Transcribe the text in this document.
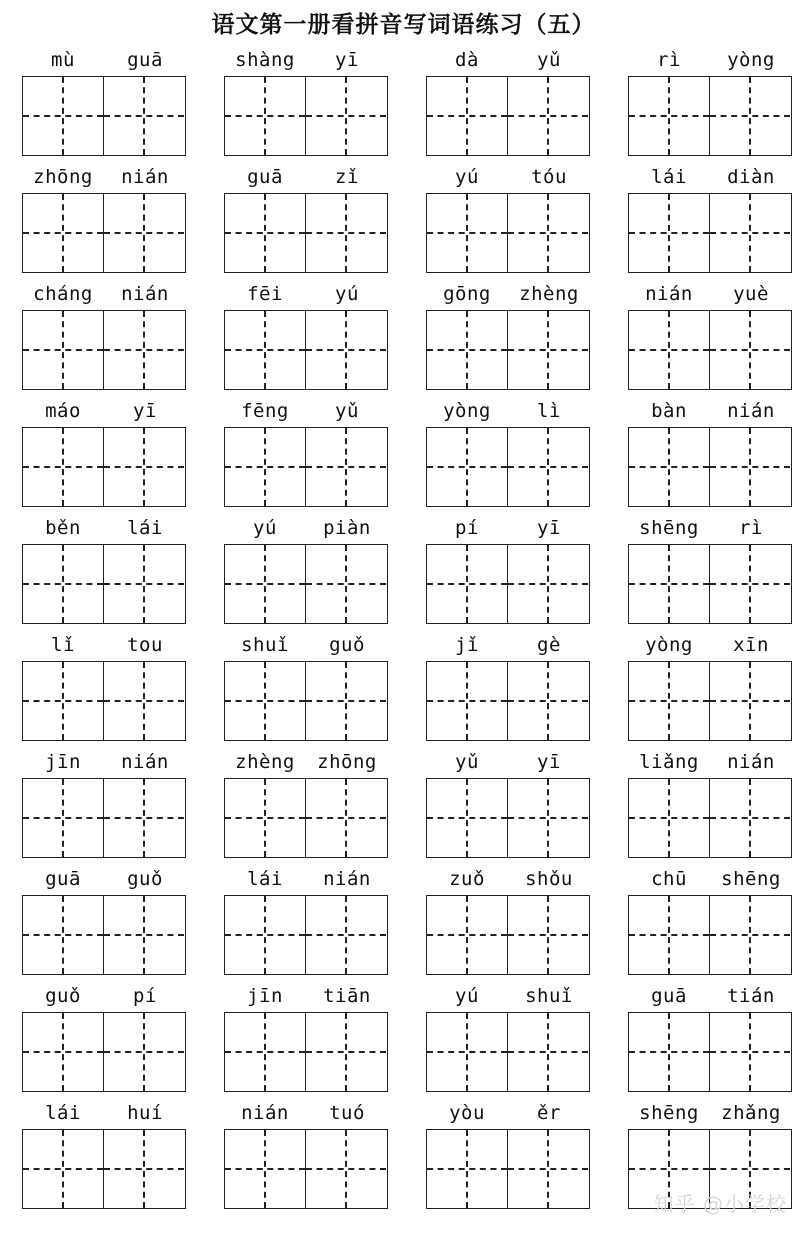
语文第一册看拼音写词语练习（五）
mù	guā	shàng	yī	dà	yǔ	rì	yòng
zhōng	nián	guā	zǐ	yú	tóu	lái	diàn
cháng	nián	fēi	yú	gōng	zhèng	nián	yuè
máo	yī	fēng	yǔ	yòng	lì	bàn	nián
běn	lái	yú	piàn	pí	yī	shēng	rì
lǐ	tou	shuǐ	guǒ	jǐ	gè	yòng	xīn
jīn	nián	zhèng	zhōng	yǔ	yī	liǎng	nián
guā	guǒ	lái	nián	zuǒ	shǒu	chū	shēng
guǒ	pí	jīn	tiān	yú	shuǐ	guā	tián
lái	huí	nián	tuó	yòu	ěr	shēng	zhǎng
知乎 @小学校
